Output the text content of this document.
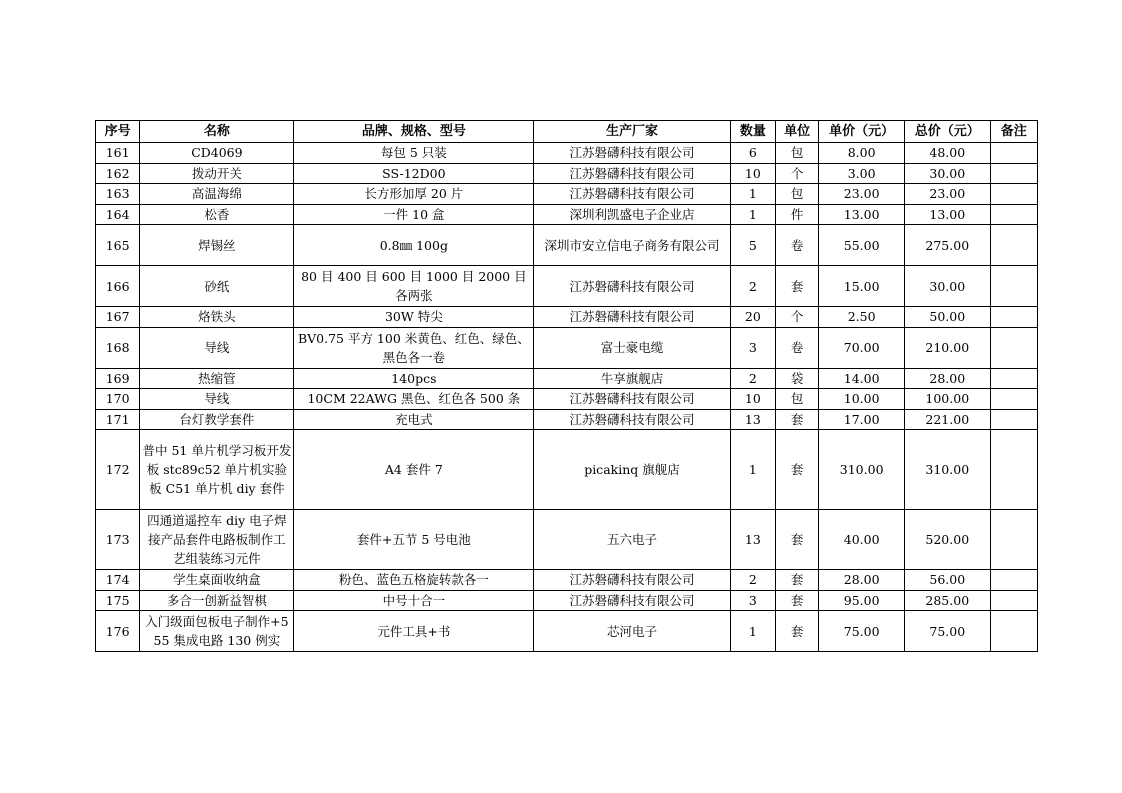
序号	名称	品牌、规格、型号	生产厂家	数量	单位	单价（元）	总价（元）	备注
161	CD4069	每包 5 只装	江苏磐礴科技有限公司	6	包	8.00	48.00	
162	拨动开关	SS-12D00	江苏磐礴科技有限公司	10	个	3.00	30.00	
163	高温海绵	长方形加厚 20 片	江苏磐礴科技有限公司	1	包	23.00	23.00	
164	松香	一件 10 盒	深圳利凯盛电子企业店	1	件	13.00	13.00	
165	焊锡丝	0.8㎜ 100g	深圳市安立信电子商务有限公司	5	卷	55.00	275.00	
166	砂纸	80 目 400 目 600 目 1000 目 2000 目各两张	江苏磐礴科技有限公司	2	套	15.00	30.00	
167	烙铁头	30W 特尖	江苏磐礴科技有限公司	20	个	2.50	50.00	
168	导线	BV0.75 平方 100 米黄色、红色、绿色、黑色各一卷	富士豪电缆	3	卷	70.00	210.00	
169	热缩管	140pcs	牛享旗舰店	2	袋	14.00	28.00	
170	导线	10CM 22AWG 黑色、红色各 500 条	江苏磐礴科技有限公司	10	包	10.00	100.00	
171	台灯教学套件	充电式	江苏磐礴科技有限公司	13	套	17.00	221.00	
172	普中 51 单片机学习板开发板 stc89c52 单片机实验板 C51 单片机 diy 套件	A4 套件 7	picakinq 旗舰店	1	套	310.00	310.00	
173	四通道遥控车 diy 电子焊接产品套件电路板制作工艺组装练习元件	套件+五节 5 号电池	五六电子	13	套	40.00	520.00	
174	学生桌面收纳盒	粉色、蓝色五格旋转款各一	江苏磐礴科技有限公司	2	套	28.00	56.00	
175	多合一创新益智棋	中号十合一	江苏磐礴科技有限公司	3	套	95.00	285.00	
176	入门级面包板电子制作+555 集成电路 130 例实	元件工具+书	芯河电子	1	套	75.00	75.00	
